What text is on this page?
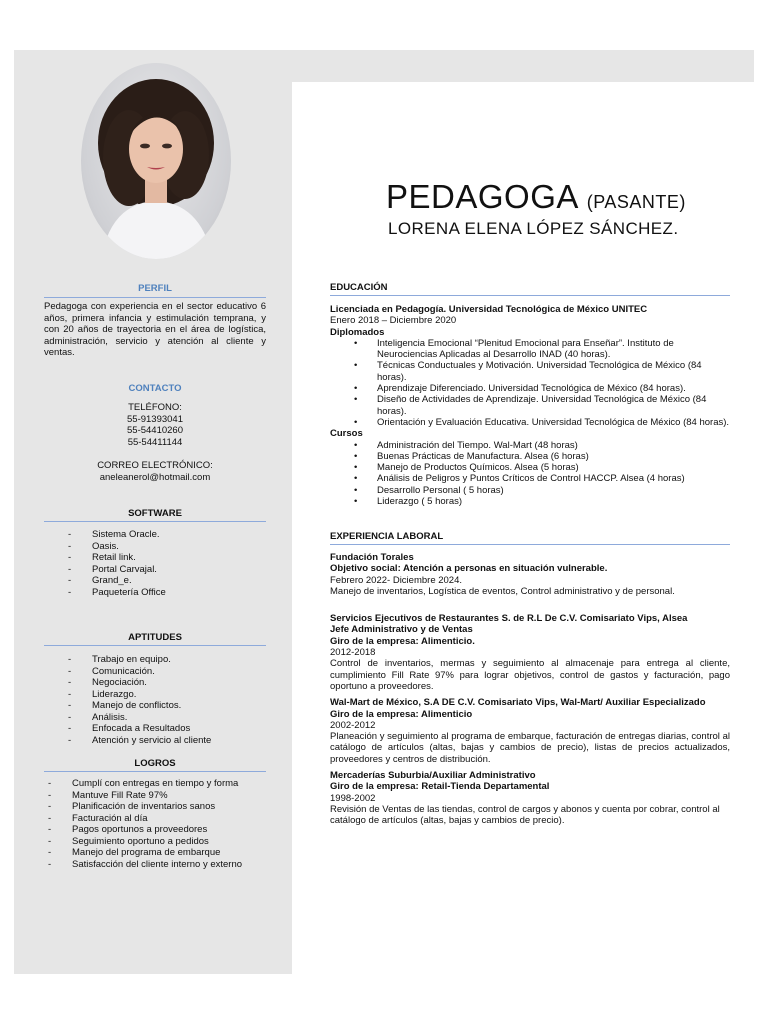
PERFIL
Pedagoga con experiencia en el sector educativo 6 años, primera infancia y estimulación temprana, y con 20 años de trayectoria en el área de logística, administración, servicio y atención al cliente y ventas.
CONTACTO
TELÉFONO:
55-91393041
55-54410260
55-54411144
CORREO ELECTRÓNICO:
aneleanerol@hotmail.com
SOFTWARE
- Sistema Oracle.
- Oasis.
- Retail link.
- Portal Carvajal.
- Grand_e.
- Paquetería Office
APTITUDES
- Trabajo en equipo.
- Comunicación.
- Negociación.
- Liderazgo.
- Manejo de conflictos.
- Análisis.
- Enfocada a Resultados
- Atención y servicio al cliente
LOGROS
- Cumplí con entregas en tiempo y forma
- Mantuve Fill Rate 97%
- Planificación de inventarios sanos
- Facturación al día
- Pagos oportunos a proveedores
- Seguimiento oportuno a pedidos
- Manejo del programa de embarque
- Satisfacción del cliente interno y externo
PEDAGOGA (PASANTE)
LORENA ELENA LÓPEZ SÁNCHEZ.
EDUCACIÓN
Licenciada en Pedagogía. Universidad Tecnológica de México UNITEC
Enero 2018 – Diciembre 2020
Diplomados
• Inteligencia Emocional “Plenitud Emocional para Enseñar”. Instituto de Neurociencias Aplicadas al Desarrollo INAD (40 horas).
• Técnicas Conductuales y Motivación. Universidad Tecnológica de México (84 horas).
• Aprendizaje Diferenciado. Universidad Tecnológica de México (84 horas).
• Diseño de Actividades de Aprendizaje. Universidad Tecnológica de México (84 horas).
• Orientación y Evaluación Educativa. Universidad Tecnológica de México (84 horas).
Cursos
• Administración del Tiempo. Wal-Mart (48 horas)
• Buenas Prácticas de Manufactura. Alsea (6 horas)
• Manejo de Productos Químicos. Alsea (5 horas)
• Análisis de Peligros y Puntos Críticos de Control HACCP. Alsea (4 horas)
• Desarrollo Personal ( 5 horas)
• Liderazgo ( 5 horas)
EXPERIENCIA LABORAL
Fundación Torales
Objetivo social: Atención a personas en situación vulnerable.
Febrero 2022- Diciembre 2024.
Manejo de inventarios, Logística de eventos, Control administrativo y de personal.
Servicios Ejecutivos de Restaurantes S. de R.L De C.V. Comisariato Vips, Alsea
Jefe Administrativo y de Ventas
Giro de la empresa: Alimenticio.
2012-2018
Control de inventarios, mermas y seguimiento al almacenaje para entrega al cliente, cumplimiento Fill Rate 97% para lograr objetivos, control de gastos y facturación, pago oportuno a proveedores.
Wal-Mart de México, S.A DE C.V. Comisariato Vips, Wal-Mart/ Auxiliar Especializado
Giro de la empresa: Alimenticio
2002-2012
Planeación y seguimiento al programa de embarque, facturación de entregas diarias, control al catálogo de artículos (altas, bajas y cambios de precio), listas de precios actualizados, proveedores y centros de distribución.
Mercaderías Suburbia/Auxiliar Administrativo
Giro de la empresa: Retail-Tienda Departamental
1998-2002
Revisión de Ventas de las tiendas, control de cargos y abonos y cuenta por cobrar, control al catálogo de artículos (altas, bajas y cambios de precio).
